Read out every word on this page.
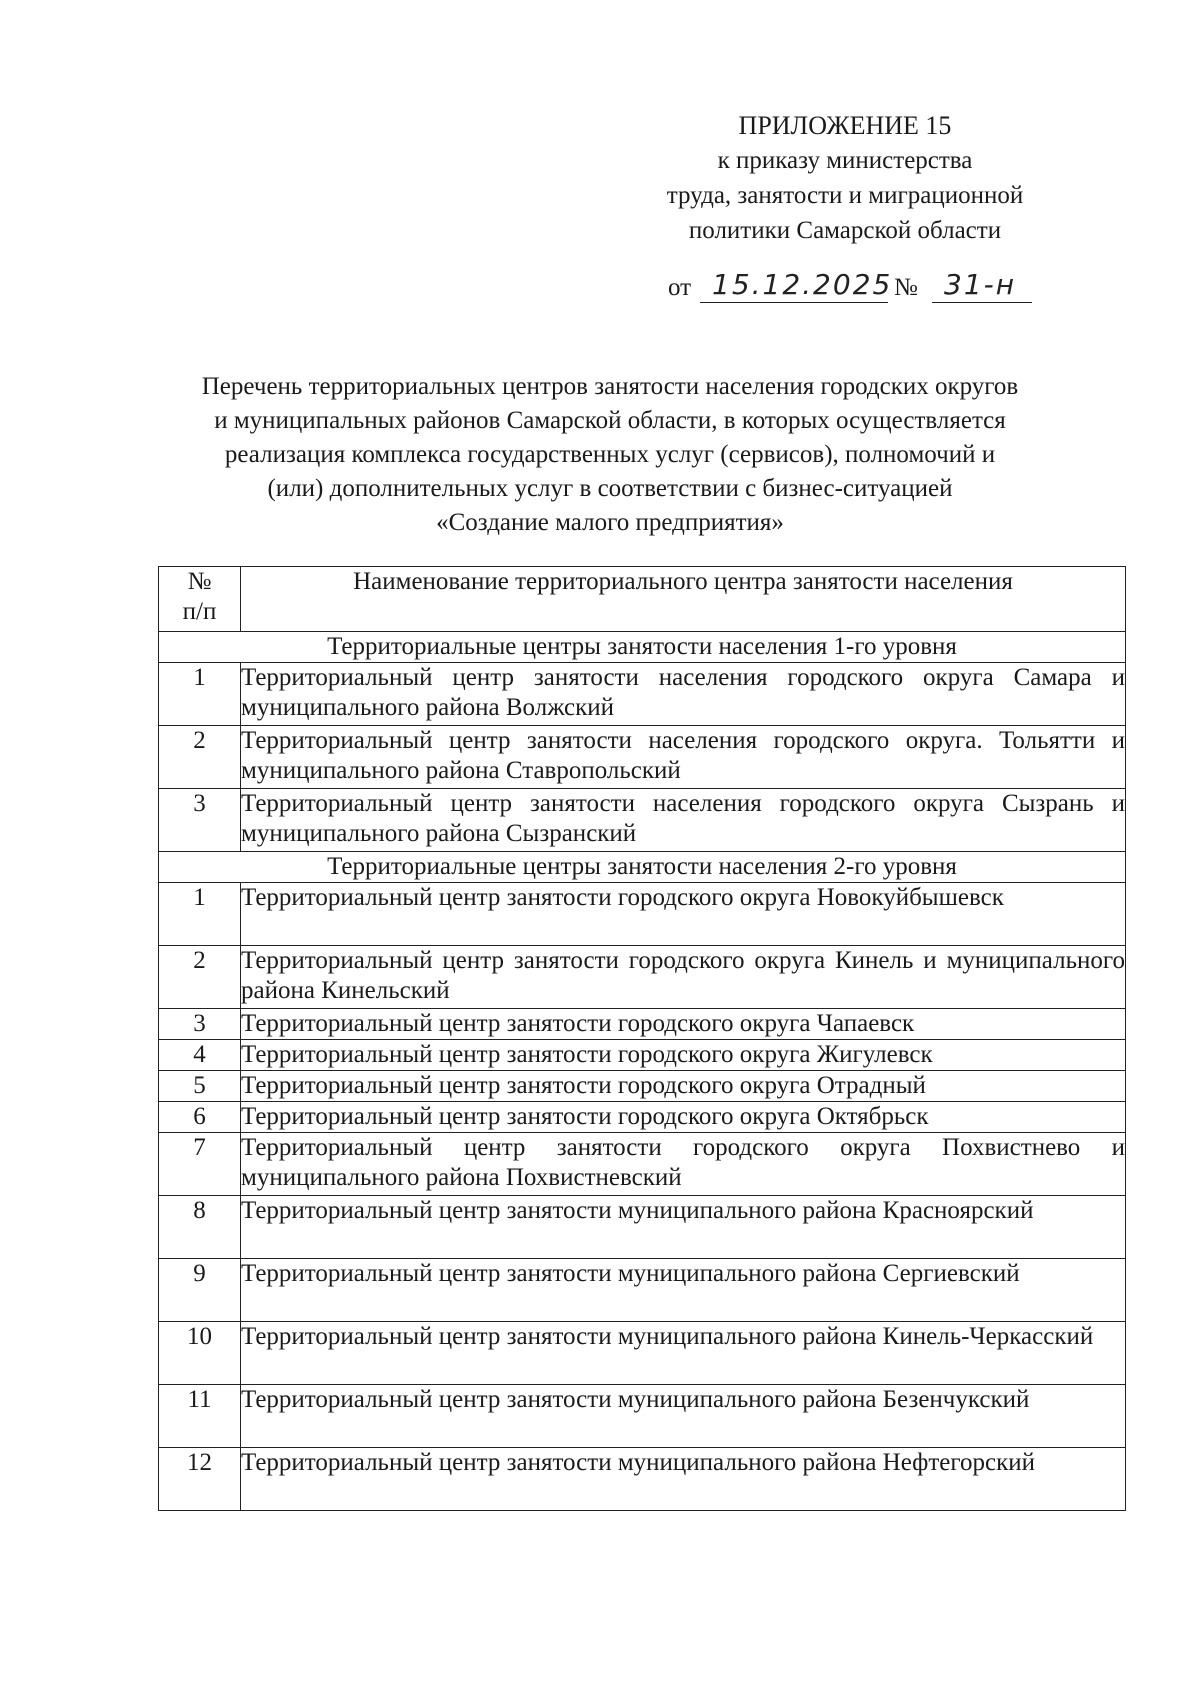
ПРИЛОЖЕНИЕ 15
к приказу министерства
труда, занятости и миграционной
политики Самарской области
от 15.12.2025 № 31-н
Перечень территориальных центров занятости населения городских округов
и муниципальных районов Самарской области, в которых осуществляется
реализация комплекса государственных услуг (сервисов), полномочий и
(или) дополнительных услуг в соответствии с бизнес-ситуацией
«Создание малого предприятия»
№
п/п	Наименование территориального центра занятости населения
Территориальные центры занятости населения 1-го уровня	
1	Территориальный центр занятости населения городского округа Самара и муниципального района Волжский
2	Территориальный центр занятости населения городского округа. Тольятти и муниципального района Ставропольский
3	Территориальный центр занятости населения городского округа Сызрань и муниципального района Сызранский
Территориальные центры занятости населения 2-го уровня	
1	Территориальный центр занятости городского округа Новокуйбышевск
2	Территориальный центр занятости городского округа Кинель и муниципального района Кинельский
3	Территориальный центр занятости городского округа Чапаевск
4	Территориальный центр занятости городского округа Жигулевск
5	Территориальный центр занятости городского округа Отрадный
6	Территориальный центр занятости городского округа Октябрьск
7	Территориальный центр занятости городского округа Похвистнево и муниципального района Похвистневский
8	Территориальный центр занятости муниципального района Красноярский
9	Территориальный центр занятости муниципального района Сергиевский
10	Территориальный центр занятости муниципального района Кинель-Черкасский
11	Территориальный центр занятости муниципального района Безенчукский
12	Территориальный центр занятости муниципального района Нефтегорский
